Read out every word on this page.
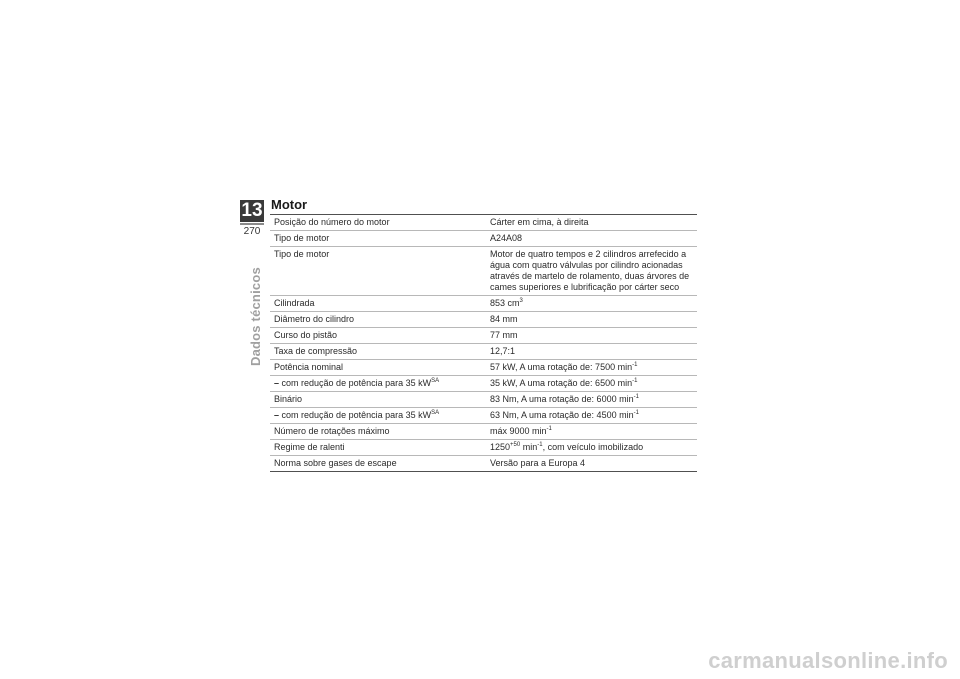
13
270
Dados técnicos
Motor
Posição do número do motor	Cárter em cima, à direita
Tipo de motor	A24A08
Tipo de motor	Motor de quatro tempos e 2 cilindros arrefecido a água com quatro válvulas por cilindro acionadas através de martelo de rolamento, duas árvores de cames superiores e lubrificação por cárter seco
Cilindrada	853 $cm^3$
Diâmetro do cilindro	84 mm
Curso do pistão	77 mm
Taxa de compressão	12,7:1
Potência nominal	57 kW, A uma rotação de: 7500 $\min^{-1}$
– com redução de potência para 35 $kW^{SA}$	35 kW, A uma rotação de: 6500 $\min^{-1}$
Binário	83 Nm, A uma rotação de: 6000 $\min^{-1}$
– com redução de potência para 35 $kW^{SA}$	63 Nm, A uma rotação de: 4500 $\min^{-1}$
Número de rotações máximo	máx 9000 $\min^{-1}$
Regime de ralenti	$1250^{+50}$ $\min^{-1}$, com veículo imobilizado
Norma sobre gases de escape	Versão para a Europa 4
carmanualsonline.info
